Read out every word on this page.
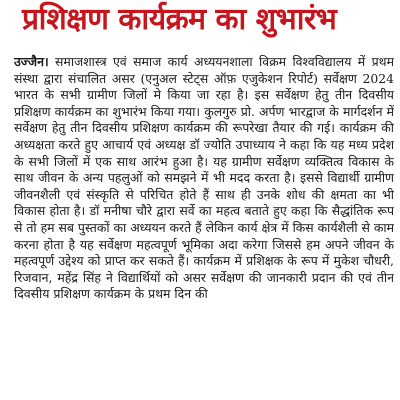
प्रशिक्षण कार्यक्रम का शुभारंभ
उज्जैन। समाजशास्त्र एवं समाज कार्य अध्ययनशाला विक्रम विश्वविद्यालय में प्रथम संस्था द्वारा संचालित असर (एनुअल स्टेट्स ऑफ़ एजुकेशन रिपोर्ट) सर्वेक्षण 2024 भारत के सभी ग्रामीण जिलों मे किया जा रहा है। इस सर्वेक्षण हेतु तीन दिवसीय प्रशिक्षण कार्यक्रम का शुभारंभ किया गया। कुलगुरु प्रो. अर्पण भारद्वाज के मार्गदर्शन में सर्वेक्षण हेतु तीन दिवसीय प्रशिक्षण कार्यक्रम की रूपरेखा तैयार की गई। कार्यक्रम की अध्यक्षता करते हुए आचार्य एवं अध्यक्ष डॉ ज्योति उपाध्याय ने कहा कि यह मध्य प्रदेश के सभी जिलों में एक साथ आरंभ हुआ है। यह ग्रामीण सर्वेक्षण व्यक्तित्व विकास के साथ जीवन के अन्य पहलुओं को समझने में भी मदद करता है। इससे विद्यार्थी ग्रामीण जीवनशैली एवं संस्कृति से परिचित होते हैं साथ ही उनके शोध की क्षमता का भी विकास होता है। डॉ मनीषा चौरे द्वारा सर्वे का महत्व बताते हुए कहा कि सैद्धांतिक रूप से तो हम सब पुस्तकों का अध्ययन करते हैं लेकिन कार्य क्षेत्र में किस कार्यशैली से काम करना होता है यह सर्वेक्षण महत्वपूर्ण भूमिका अदा करेगा जिससे हम अपने जीवन के महत्वपूर्ण उद्देश्य को प्राप्त कर सकते हैं। कार्यक्रम में प्रशिक्षक के रूप में मुकेश चौधरी, रिजवान, महेंद्र सिंह ने विद्यार्थियों को असर सर्वेक्षण की जानकारी प्रदान की एवं तीन दिवसीय प्रशिक्षण कार्यक्रम के प्रथम दिन की
